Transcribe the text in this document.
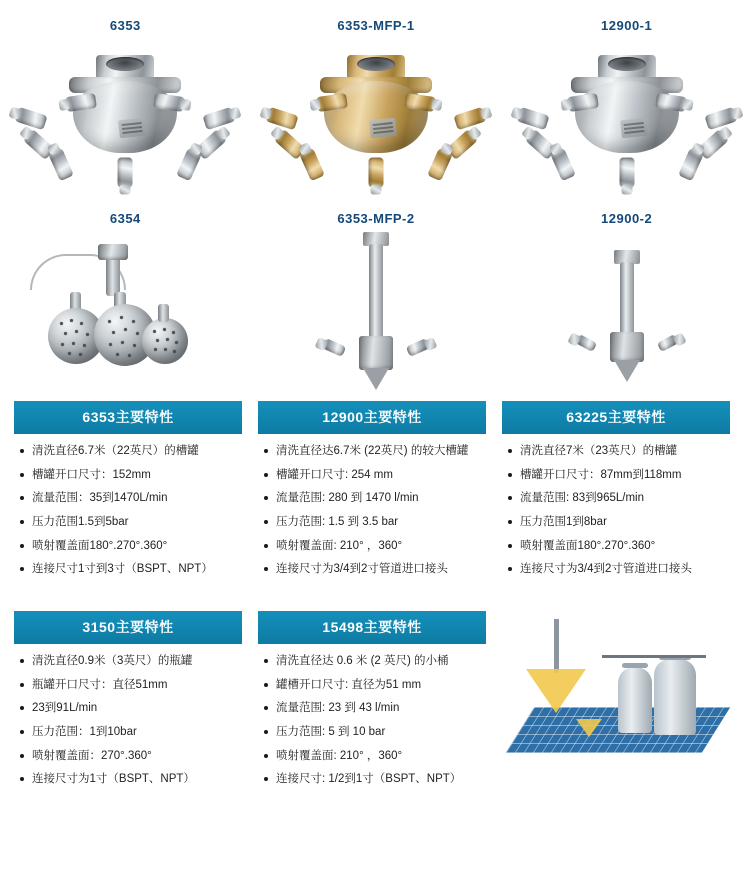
6353	6353-MFP-1	12900-1
6354	6353-MFP-2	12900-2
6353主要特性
清洗直径6.7米（22英尺）的槽罐
槽罐开口尺寸：152mm
流量范围：35到1470L/min
压力范围1.5到5bar
喷射覆盖面180°.270°.360°
连接尺寸1寸到3寸（BSPT、NPT）
12900主要特性
清洗直径达6.7米 (22英尺) 的较大槽罐
槽罐开口尺寸: 254 mm
流量范围: 280 到 1470 l/min
压力范围: 1.5 到 3.5 bar
喷射覆盖面: 210° ，360°
连接尺寸为3/4到2寸管道进口接头
63225主要特性
清洗直径7米（23英尺）的槽罐
槽罐开口尺寸：87mm到118mm
流量范围: 83到965L/min
压力范围1到8bar
喷射覆盖面180°.270°.360°
连接尺寸为3/4到2寸管道进口接头
3150主要特性
清洗直径0.9米（3英尺）的瓶罐
瓶罐开口尺寸：直径51mm
23到91L/min
压力范围：1到10bar
喷射覆盖面：270°.360°
连接尺寸为1寸（BSPT、NPT）
15498主要特性
清洗直径达 0.6 米 (2 英尺) 的小桶
罐槽开口尺寸: 直径为51 mm
流量范围: 23 到 43 l/min
压力范围: 5 到 10 bar
喷射覆盖面: 210° ，360°
连接尺寸: 1/2到1寸（BSPT、NPT）
